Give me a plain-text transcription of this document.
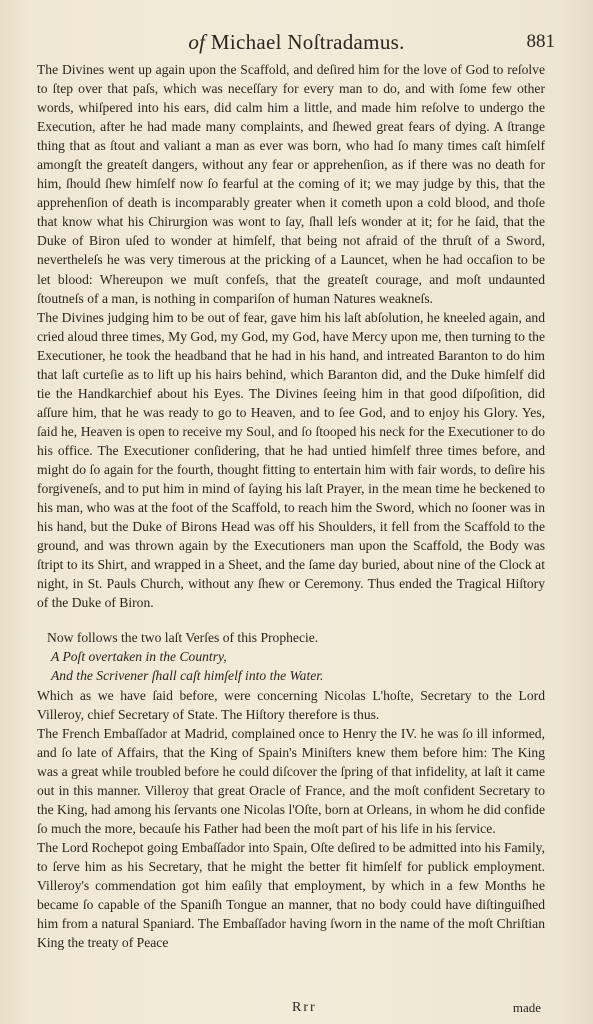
of Michael Noſtradamus.	881

The Divines went up again upon the Scaffold, and deſired him for the love of God to reſolve to ſtep over that paſs, which was neceſſary for every man to do, and with ſome few other words, whiſpered into his ears, did calm him a little, and made him reſolve to undergo the Execution, after he had made many complaints, and ſhewed great fears of dying. A ſtrange thing that as ſtout and valiant a man as ever was born, who had ſo many times caſt himſelf amongſt the greateſt dangers, without any fear or apprehenſion, as if there was no death for him, ſhould ſhew himſelf now ſo fearful at the coming of it; we may judge by this, that the apprehenſion of death is incomparably greater when it cometh upon a cold blood, and thoſe that know what his Chirurgion was wont to ſay, ſhall leſs wonder at it; for he ſaid, that the Duke of Biron uſed to wonder at himſelf, that being not afraid of the thruſt of a Sword, nevertheleſs he was very timerous at the pricking of a Launcet, when he had occaſion to be let blood: Whereupon we muſt confeſs, that the greateſt courage, and moſt undaunted ſtoutneſs of a man, is nothing in compariſon of human Natures weakneſs.

The Divines judging him to be out of fear, gave him his laſt abſolution, he kneeled again, and cried aloud three times, My God, my God, my God, have Mercy upon me, then turning to the Executioner, he took the headband that he had in his hand, and intreated Baranton to do him that laſt curteſie as to lift up his hairs behind, which Baranton did, and the Duke himſelf did tie the Handkarchief about his Eyes. The Divines ſeeing him in that good diſpoſition, did aſſure him, that he was ready to go to Heaven, and to ſee God, and to enjoy his Glory. Yes, ſaid he, Heaven is open to receive my Soul, and ſo ſtooped his neck for the Executioner to do his office. The Executioner conſidering, that he had untied himſelf three times before, and might do ſo again for the fourth, thought fitting to entertain him with fair words, to deſire his forgiveneſs, and to put him in mind of ſaying his laſt Prayer, in the mean time he beckened to his man, who was at the foot of the Scaffold, to reach him the Sword, which no ſooner was in his hand, but the Duke of Birons Head was off his Shoulders, it fell from the Scaffold to the ground, and was thrown again by the Executioners man upon the Scaffold, the Body was ſtript to its Shirt, and wrapped in a Sheet, and the ſame day buried, about nine of the Clock at night, in St. Pauls Church, without any ſhew or Ceremony. Thus ended the Tragical Hiſtory of the Duke of Biron.

Now follows the two laſt Verſes of this Prophecie.

A Poſt overtaken in the Country,

And the Scrivener ſhall caſt himſelf into the Water.

Which as we have ſaid before, were concerning Nicolas L'hoſte, Secretary to the Lord Villeroy, chief Secretary of State. The Hiſtory therefore is thus.

The French Embaſſador at Madrid, complained once to Henry the IV. he was ſo ill informed, and ſo late of Affairs, that the King of Spain's Miniſters knew them before him: The King was a great while troubled before he could diſcover the ſpring of that infidelity, at laſt it came out in this manner. Villeroy that great Oracle of France, and the moſt confident Secretary to the King, had among his ſervants one Nicolas l'Oſte, born at Orleans, in whom he did confide ſo much the more, becauſe his Father had been the moſt part of his life in his ſervice.

The Lord Rochepot going Embaſſador into Spain, Oſte deſired to be admitted into his Family, to ſerve him as his Secretary, that he might the better fit himſelf for publick employment. Villeroy's commendation got him eaſily that employment, by which in a few Months he became ſo capable of the Spaniſh Tongue an manner, that no body could have diſtinguiſhed him from a natural Spaniard. The Embaſſador having ſworn in the name of the moſt Chriſtian King the treaty of Peace

Rrr	made
